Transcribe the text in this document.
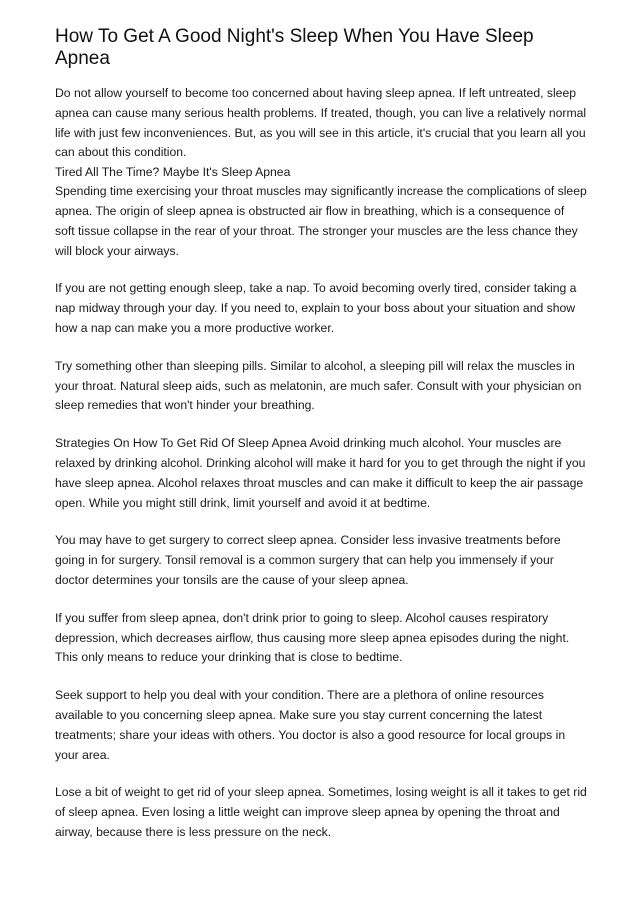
How To Get A Good Night's Sleep When You Have Sleep Apnea

Do not allow yourself to become too concerned about having sleep apnea. If left untreated, sleep apnea can cause many serious health problems. If treated, though, you can live a relatively normal life with just few inconveniences. But, as you will see in this article, it's crucial that you learn all you can about this condition.

Tired All The Time? Maybe It's Sleep Apnea

Spending time exercising your throat muscles may significantly increase the complications of sleep apnea. The origin of sleep apnea is obstructed air flow in breathing, which is a consequence of soft tissue collapse in the rear of your throat. The stronger your muscles are the less chance they will block your airways.

If you are not getting enough sleep, take a nap. To avoid becoming overly tired, consider taking a nap midway through your day. If you need to, explain to your boss about your situation and show how a nap can make you a more productive worker.

Try something other than sleeping pills. Similar to alcohol, a sleeping pill will relax the muscles in your throat. Natural sleep aids, such as melatonin, are much safer. Consult with your physician on sleep remedies that won't hinder your breathing.

Strategies On How To Get Rid Of Sleep Apnea Avoid drinking much alcohol. Your muscles are relaxed by drinking alcohol. Drinking alcohol will make it hard for you to get through the night if you have sleep apnea. Alcohol relaxes throat muscles and can make it difficult to keep the air passage open. While you might still drink, limit yourself and avoid it at bedtime.

You may have to get surgery to correct sleep apnea. Consider less invasive treatments before going in for surgery. Tonsil removal is a common surgery that can help you immensely if your doctor determines your tonsils are the cause of your sleep apnea.

If you suffer from sleep apnea, don't drink prior to going to sleep. Alcohol causes respiratory depression, which decreases airflow, thus causing more sleep apnea episodes during the night. This only means to reduce your drinking that is close to bedtime.

Seek support to help you deal with your condition. There are a plethora of online resources available to you concerning sleep apnea. Make sure you stay current concerning the latest treatments; share your ideas with others. You doctor is also a good resource for local groups in your area.

Lose a bit of weight to get rid of your sleep apnea. Sometimes, losing weight is all it takes to get rid of sleep apnea. Even losing a little weight can improve sleep apnea by opening the throat and airway, because there is less pressure on the neck.
